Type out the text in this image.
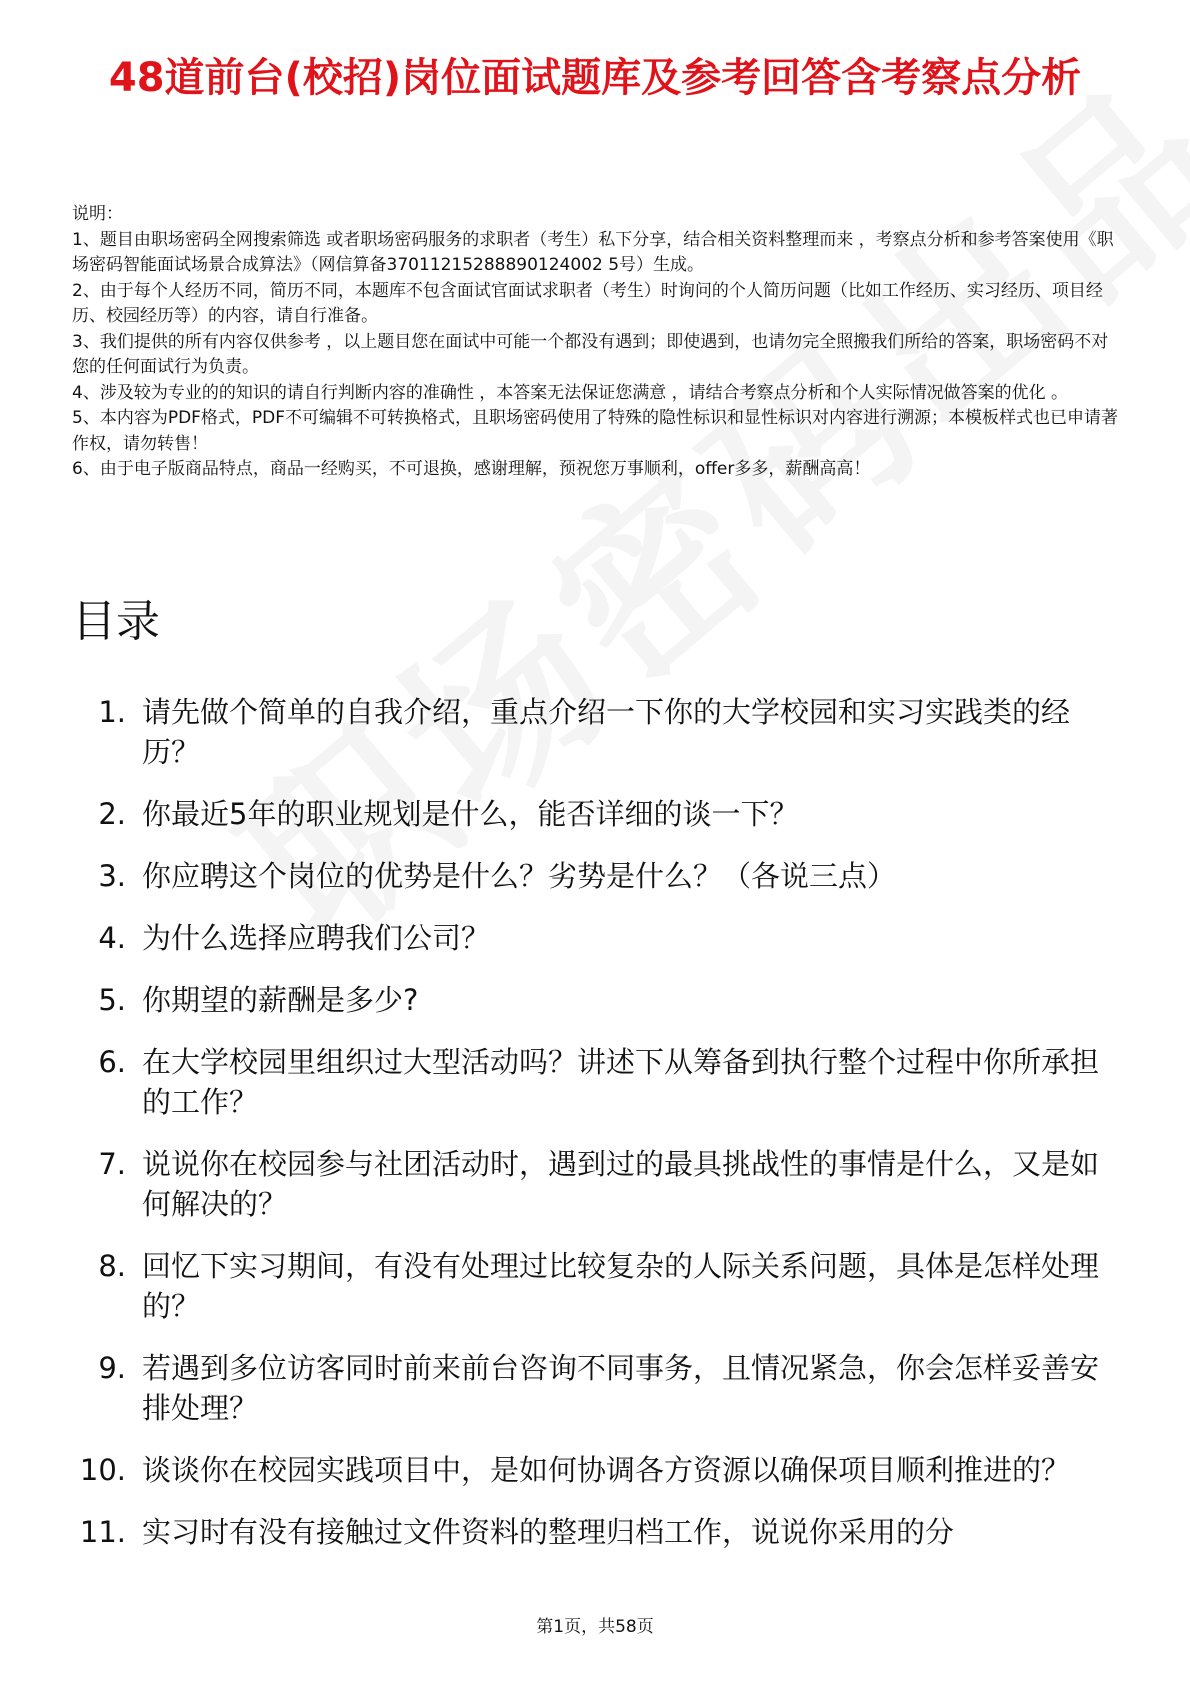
48道前台(校招)岗位面试题库及参考回答含考察点分析
说明：
1、题目由职场密码全网搜索筛选 或者职场密码服务的求职者（考生）私下分享，结合相关资料整理而来 ，考察点分析和参考答案使用《职场密码智能面试场景合成算法》（网信算备37011215288890124002 5号）生成。
2、由于每个人经历不同，简历不同，本题库不包含面试官面试求职者（考生）时询问的个人简历问题（比如工作经历、实习经历、项目经历、校园经历等）的内容，请自行准备。
3、我们提供的所有内容仅供参考 ，以上题目您在面试中可能一个都没有遇到；即使遇到，也请勿完全照搬我们所给的答案，职场密码不对您的任何面试行为负责。
4、涉及较为专业的的知识的请自行判断内容的准确性 ，本答案无法保证您满意 ，请结合考察点分析和个人实际情况做答案的优化 。
5、本内容为PDF格式，PDF不可编辑不可转换格式，且职场密码使用了特殊的隐性标识和显性标识对内容进行溯源；本模板样式也已申请著作权，请勿转售！
6、由于电子版商品特点，商品一经购买，不可退换，感谢理解，预祝您万事顺利，offer多多，薪酬高高！
目录
1. 请先做个简单的自我介绍，重点介绍一下你的大学校园和实习实践类的经历？
2. 你最近5年的职业规划是什么，能否详细的谈一下？
3. 你应聘这个岗位的优势是什么？劣势是什么？（各说三点）
4. 为什么选择应聘我们公司？
5. 你期望的薪酬是多少?
6. 在大学校园里组织过大型活动吗？讲述下从筹备到执行整个过程中你所承担的工作？
7. 说说你在校园参与社团活动时，遇到过的最具挑战性的事情是什么，又是如何解决的？
8. 回忆下实习期间，有没有处理过比较复杂的人际关系问题，具体是怎样处理的？
9. 若遇到多位访客同时前来前台咨询不同事务，且情况紧急，你会怎样妥善安排处理？
10. 谈谈你在校园实践项目中，是如何协调各方资源以确保项目顺利推进的？
11. 实习时有没有接触过文件资料的整理归档工作，说说你采用的分
第1页，共58页
